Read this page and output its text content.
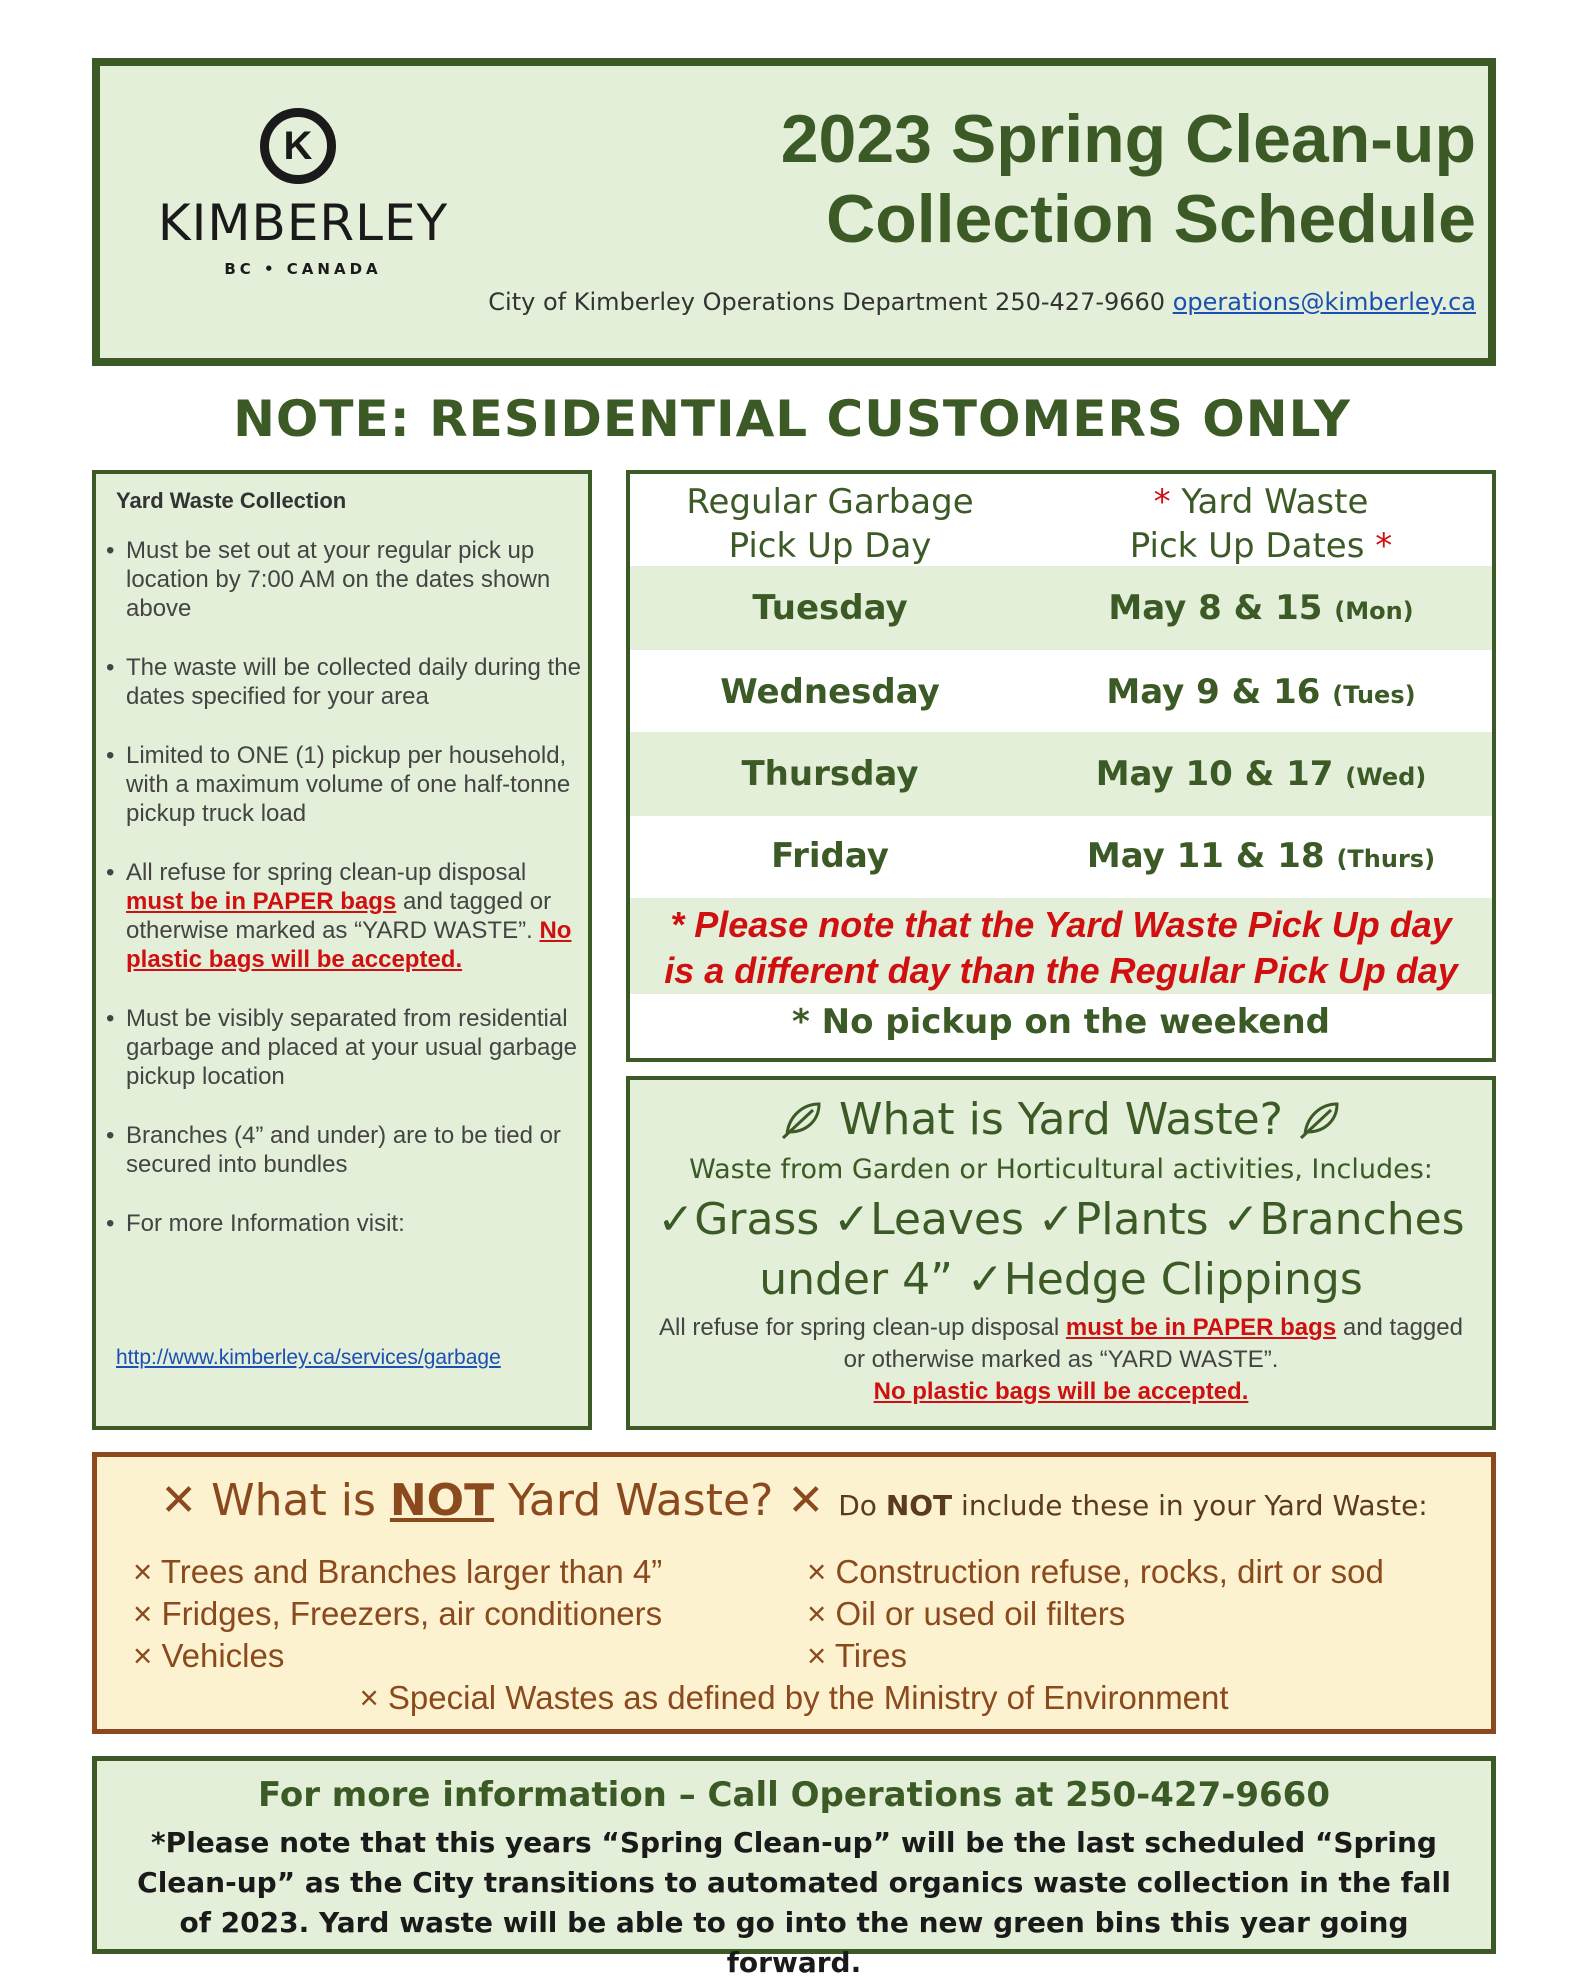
K
KIMBERLEY
BC • CANADA
2023 Spring Clean-up
Collection Schedule
City of Kimberley Operations Department 250-427-9660 operations@kimberley.ca
NOTE: RESIDENTIAL CUSTOMERS ONLY
Yard Waste Collection
• Must be set out at your regular pick up location by 7:00 AM on the dates shown above
• The waste will be collected daily during the dates specified for your area
• Limited to ONE (1) pickup per household, with a maximum volume of one half-tonne pickup truck load
• All refuse for spring clean-up disposal must be in PAPER bags and tagged or otherwise marked as “YARD WASTE”. No plastic bags will be accepted.
• Must be visibly separated from residential garbage and placed at your usual garbage pickup location
• Branches (4” and under) are to be tied or secured into bundles
• For more Information visit:
http://www.kimberley.ca/services/garbage
Regular Garbage
Pick Up Day
* Yard Waste
Pick Up Dates *
Tuesday	May 8 & 15 (Mon)
Wednesday	May 9 & 16 (Tues)
Thursday	May 10 & 17 (Wed)
Friday	May 11 & 18 (Thurs)
* Please note that the Yard Waste Pick Up day
is a different day than the Regular Pick Up day
* No pickup on the weekend
What is Yard Waste?
Waste from Garden or Horticultural activities, Includes:
✓Grass ✓Leaves ✓Plants ✓Branches
under 4” ✓Hedge Clippings
All refuse for spring clean-up disposal must be in PAPER bags and tagged or otherwise marked as “YARD WASTE”.
No plastic bags will be accepted.
✕ What is NOT Yard Waste? ✕ Do NOT include these in your Yard Waste:
× Trees and Branches larger than 4”	× Construction refuse, rocks, dirt or sod
× Fridges, Freezers, air conditioners	× Oil or used oil filters
× Vehicles	× Tires
× Special Wastes as defined by the Ministry of Environment
For more information – Call Operations at 250-427-9660
*Please note that this years “Spring Clean-up” will be the last scheduled “Spring Clean-up” as the City transitions to automated organics waste collection in the fall of 2023. Yard waste will be able to go into the new green bins this year going forward.
